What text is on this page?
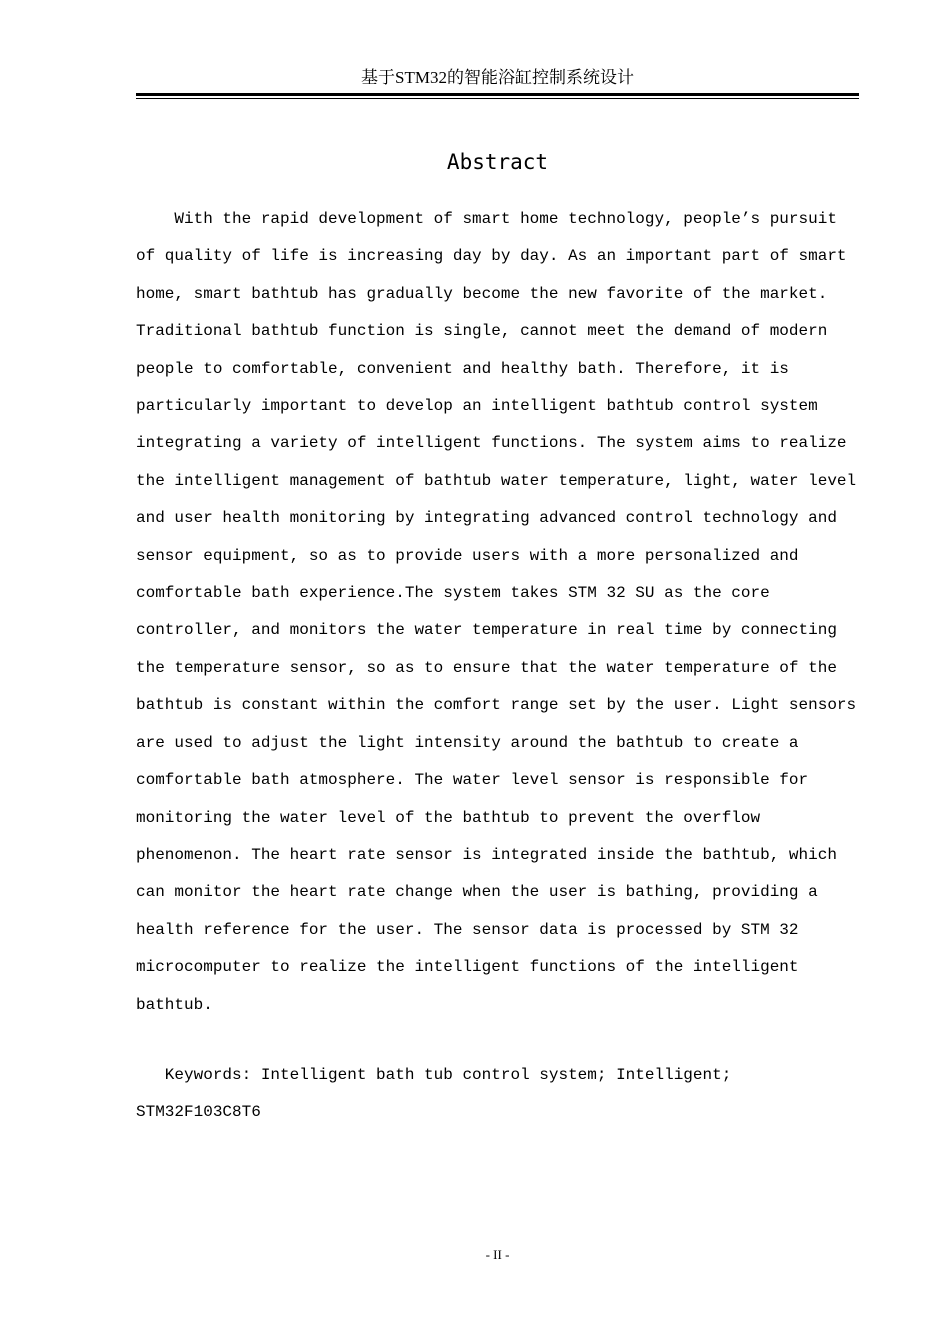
基于STM32的智能浴缸控制系统设计
Abstract
With the rapid development of smart home technology, people’s pursuit
of quality of life is increasing day by day. As an important part of smart
home, smart bathtub has gradually become the new favorite of the market.
Traditional bathtub function is single, cannot meet the demand of modern
people to comfortable, convenient and healthy bath. Therefore, it is
particularly important to develop an intelligent bathtub control system
integrating a variety of intelligent functions. The system aims to realize
the intelligent management of bathtub water temperature, light, water level
and user health monitoring by integrating advanced control technology and
sensor equipment, so as to provide users with a more personalized and
comfortable bath experience.The system takes STM 32 SU as the core
controller, and monitors the water temperature in real time by connecting
the temperature sensor, so as to ensure that the water temperature of the
bathtub is constant within the comfort range set by the user. Light sensors
are used to adjust the light intensity around the bathtub to create a
comfortable bath atmosphere. The water level sensor is responsible for
monitoring the water level of the bathtub to prevent the overflow
phenomenon. The heart rate sensor is integrated inside the bathtub, which
can monitor the heart rate change when the user is bathing, providing a
health reference for the user. The sensor data is processed by STM 32
microcomputer to realize the intelligent functions of the intelligent
bathtub.
Keywords: Intelligent bath tub control system; Intelligent;
STM32F103C8T6
- II -
